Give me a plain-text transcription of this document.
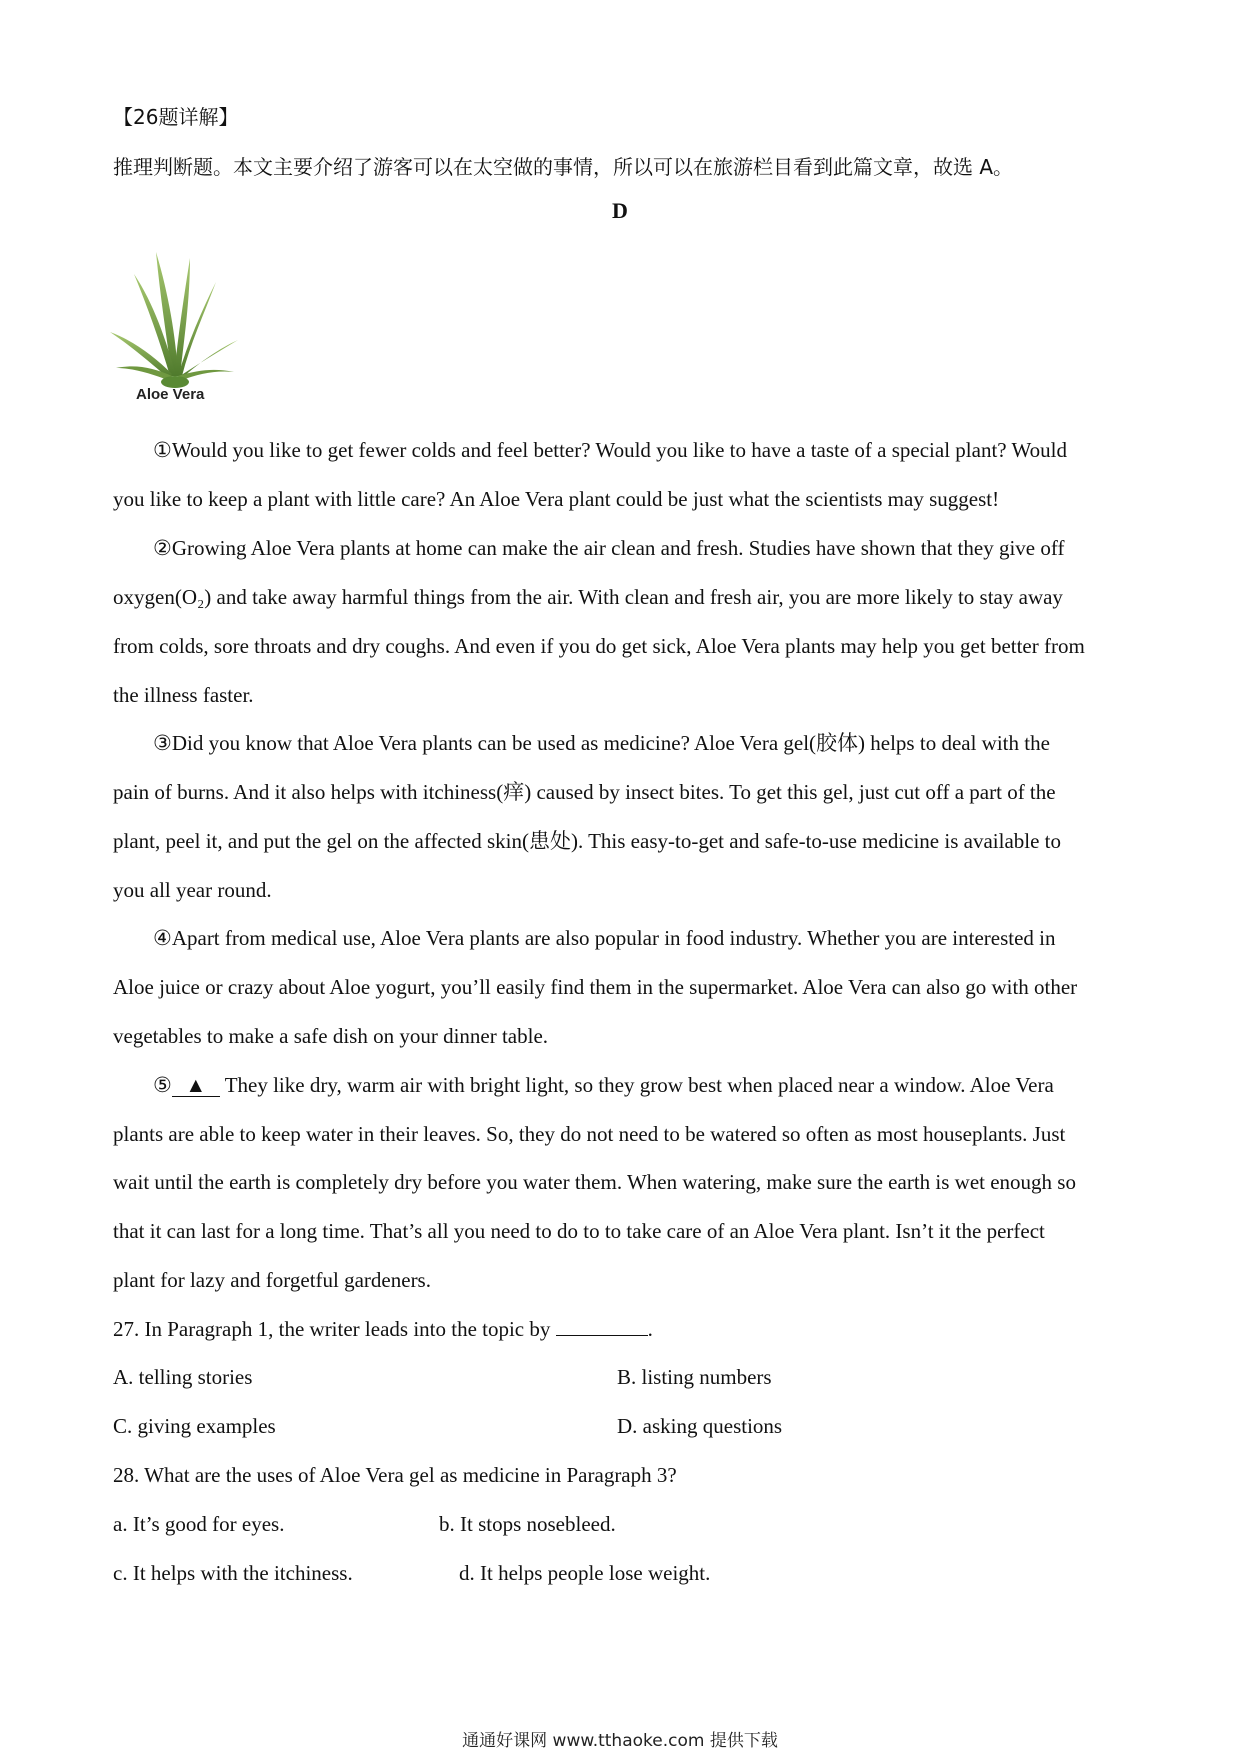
【26题详解】
推理判断题。本文主要介绍了游客可以在太空做的事情，所以可以在旅游栏目看到此篇文章，故选 A。
D
Aloe Vera
①Would you like to get fewer colds and feel better? Would you like to have a taste of a special plant? Would
you like to keep a plant with little care? An Aloe Vera plant could be just what the scientists may suggest!
②Growing Aloe Vera plants at home can make the air clean and fresh. Studies have shown that they give off
oxygen(O₂) and take away harmful things from the air. With clean and fresh air, you are more likely to stay away
from colds, sore throats and dry coughs. And even if you do get sick, Aloe Vera plants may help you get better from
the illness faster.
③Did you know that Aloe Vera plants can be used as medicine? Aloe Vera gel(胶体) helps to deal with the
pain of burns. And it also helps with itchiness(痒) caused by insect bites. To get this gel, just cut off a part of the
plant, peel it, and put the gel on the affected skin(患处). This easy-to-get and safe-to-use medicine is available to
you all year round.
④Apart from medical use, Aloe Vera plants are also popular in food industry. Whether you are interested in
Aloe juice or crazy about Aloe yogurt, you’ll easily find them in the supermarket. Aloe Vera can also go with other
vegetables to make a safe dish on your dinner table.
⑤ ▲ They like dry, warm air with bright light, so they grow best when placed near a window. Aloe Vera
plants are able to keep water in their leaves. So, they do not need to be watered so often as most houseplants. Just
wait until the earth is completely dry before you water them. When watering, make sure the earth is wet enough so
that it can last for a long time. That’s all you need to do to to take care of an Aloe Vera plant. Isn’t it the perfect
plant for lazy and forgetful gardeners.
27. In Paragraph 1, the writer leads into the topic by	.
A. telling stories	B. listing numbers
C. giving examples	D. asking questions
28. What are the uses of Aloe Vera gel as medicine in Paragraph 3?
a. It’s good for eyes.	b. It stops nosebleed.
c. It helps with the itchiness.	d. It helps people lose weight.
通通好课网 www.tthaoke.com 提供下载
